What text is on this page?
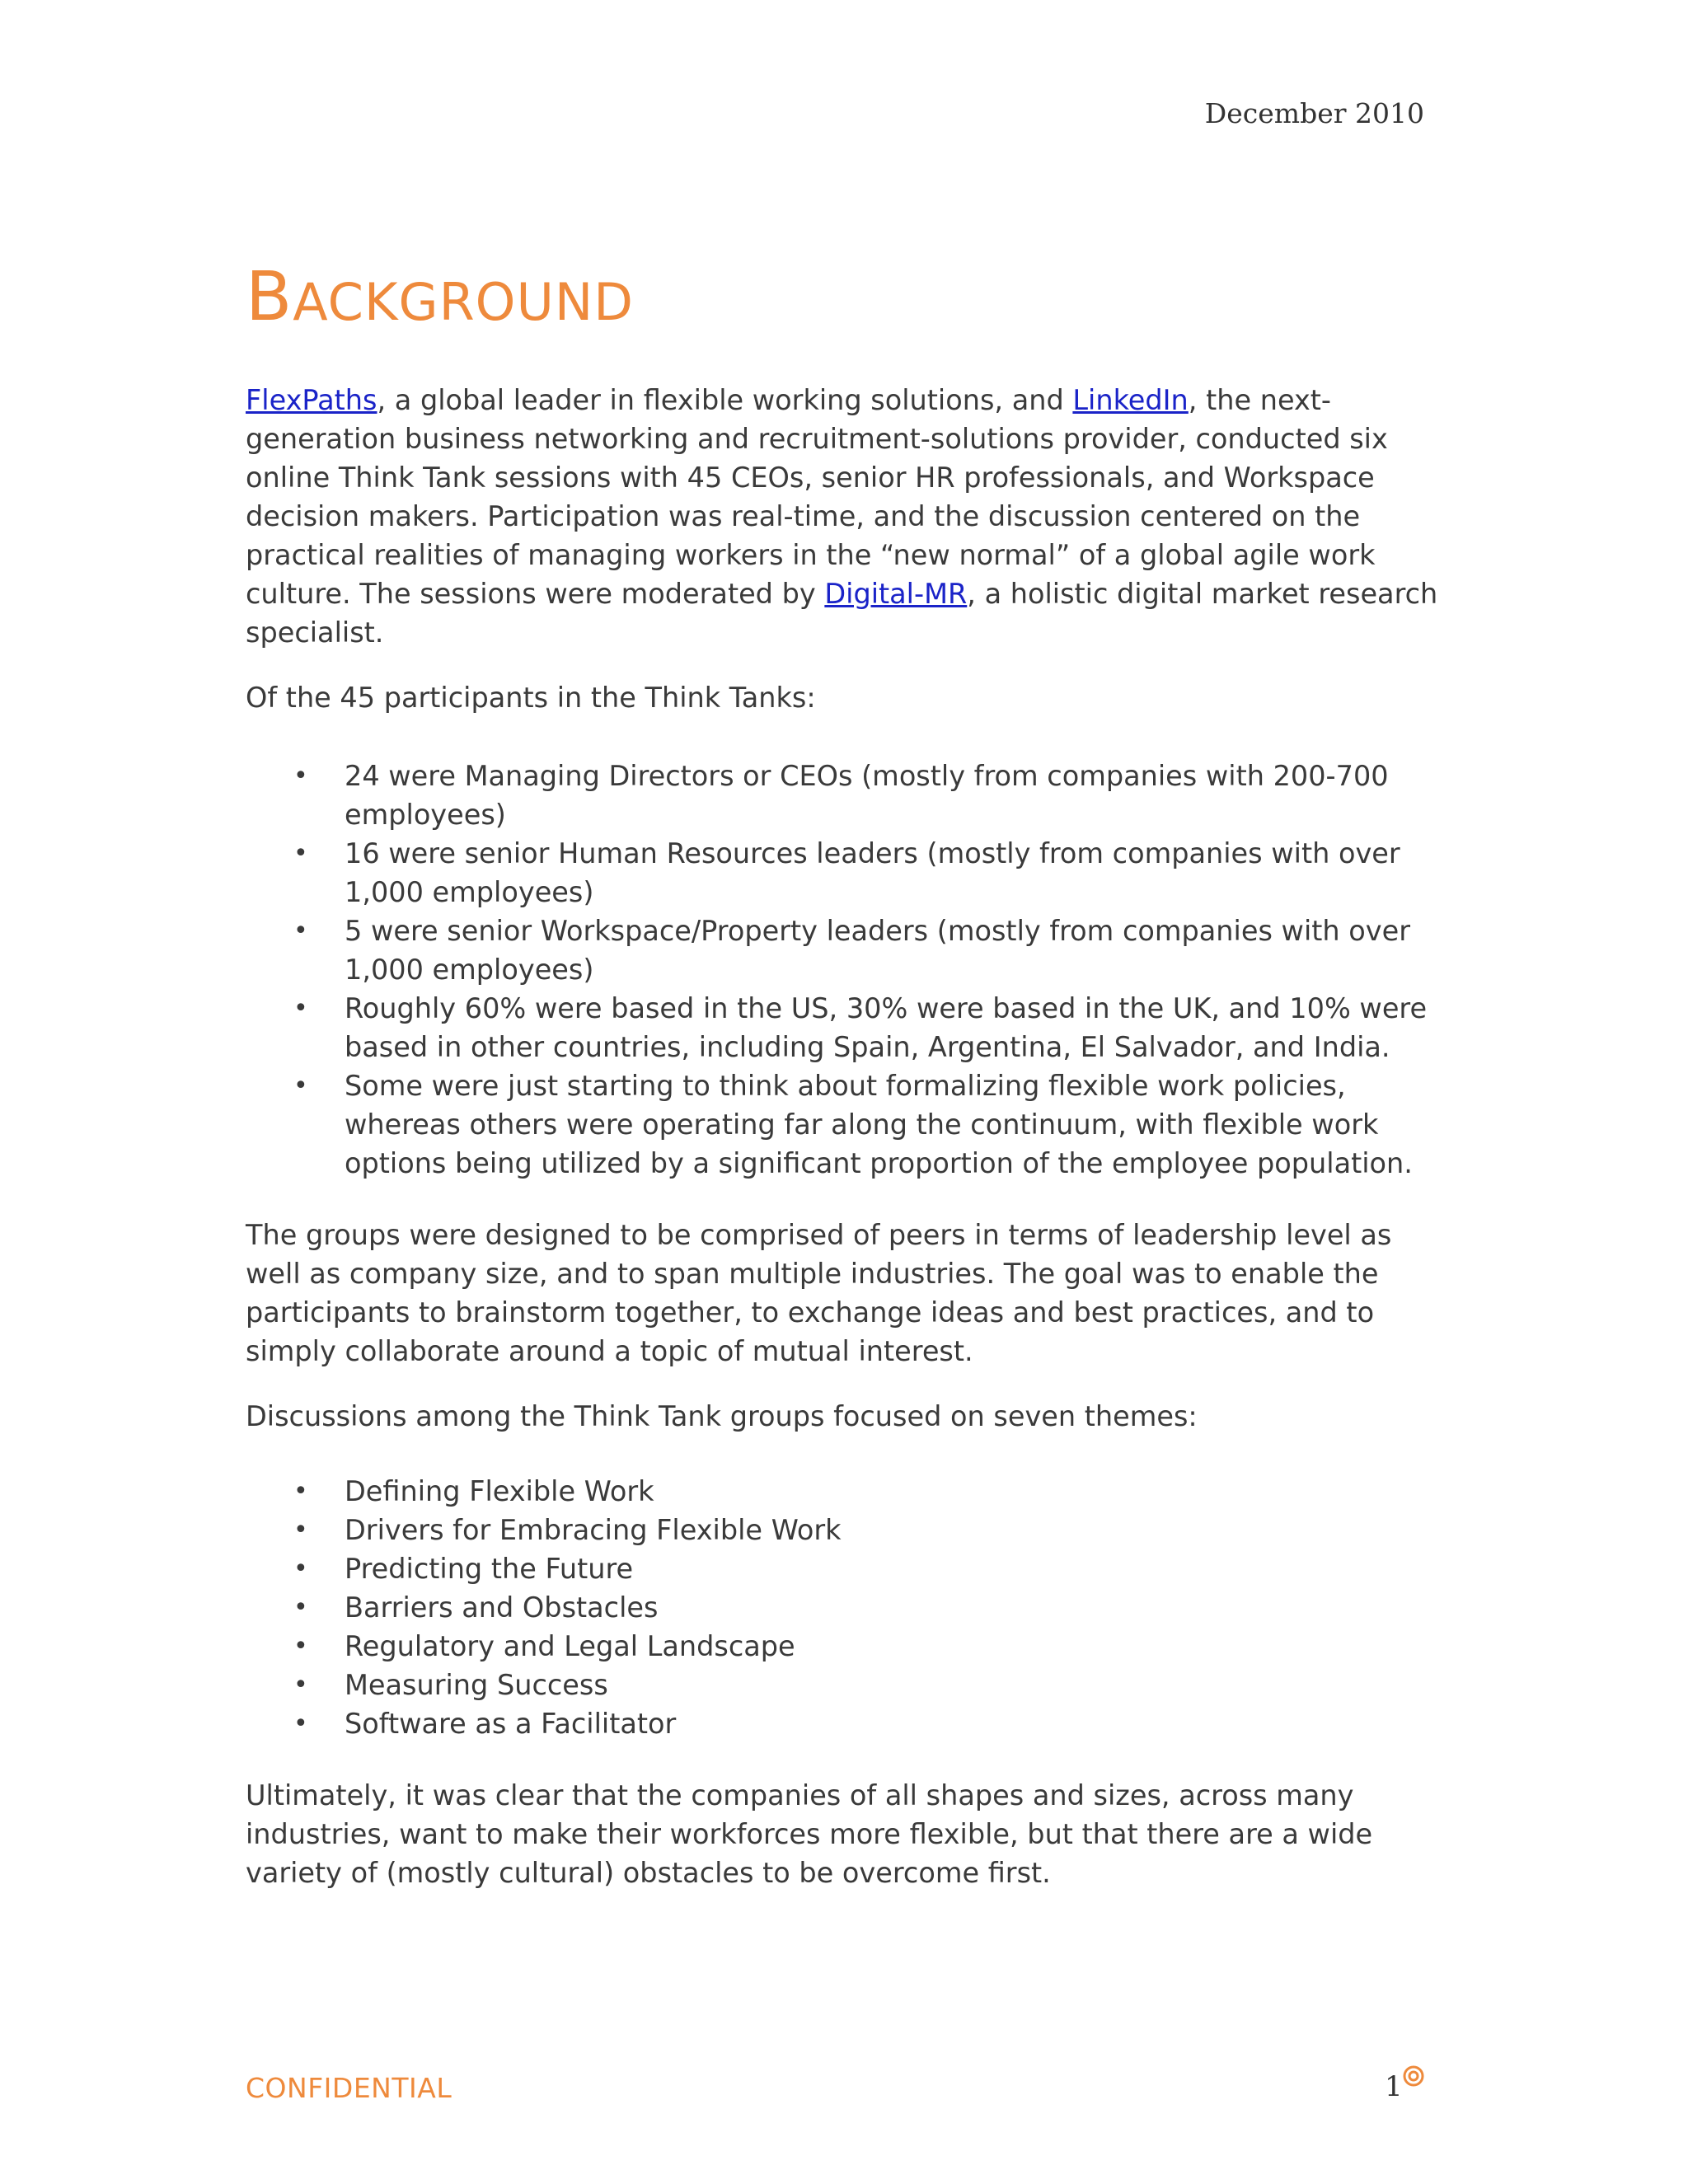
December 2010
BACKGROUND

FlexPaths, a global leader in flexible working solutions, and LinkedIn, the next-generation business networking and recruitment-solutions provider, conducted six online Think Tank sessions with 45 CEOs, senior HR professionals, and Workspace decision makers. Participation was real-time, and the discussion centered on the practical realities of managing workers in the “new normal” of a global agile work culture. The sessions were moderated by Digital-MR, a holistic digital market research specialist.

Of the 45 participants in the Think Tanks:

• 24 were Managing Directors or CEOs (mostly from companies with 200-700 employees)
• 16 were senior Human Resources leaders (mostly from companies with over 1,000 employees)
• 5 were senior Workspace/Property leaders (mostly from companies with over 1,000 employees)
• Roughly 60% were based in the US, 30% were based in the UK, and 10% were based in other countries, including Spain, Argentina, El Salvador, and India.
• Some were just starting to think about formalizing flexible work policies, whereas others were operating far along the continuum, with flexible work options being utilized by a significant proportion of the employee population.

The groups were designed to be comprised of peers in terms of leadership level as well as company size, and to span multiple industries. The goal was to enable the participants to brainstorm together, to exchange ideas and best practices, and to simply collaborate around a topic of mutual interest.

Discussions among the Think Tank groups focused on seven themes:

• Defining Flexible Work
• Drivers for Embracing Flexible Work
• Predicting the Future
• Barriers and Obstacles
• Regulatory and Legal Landscape
• Measuring Success
• Software as a Facilitator

Ultimately, it was clear that the companies of all shapes and sizes, across many industries, want to make their workforces more flexible, but that there are a wide variety of (mostly cultural) obstacles to be overcome first.

CONFIDENTIAL	1
